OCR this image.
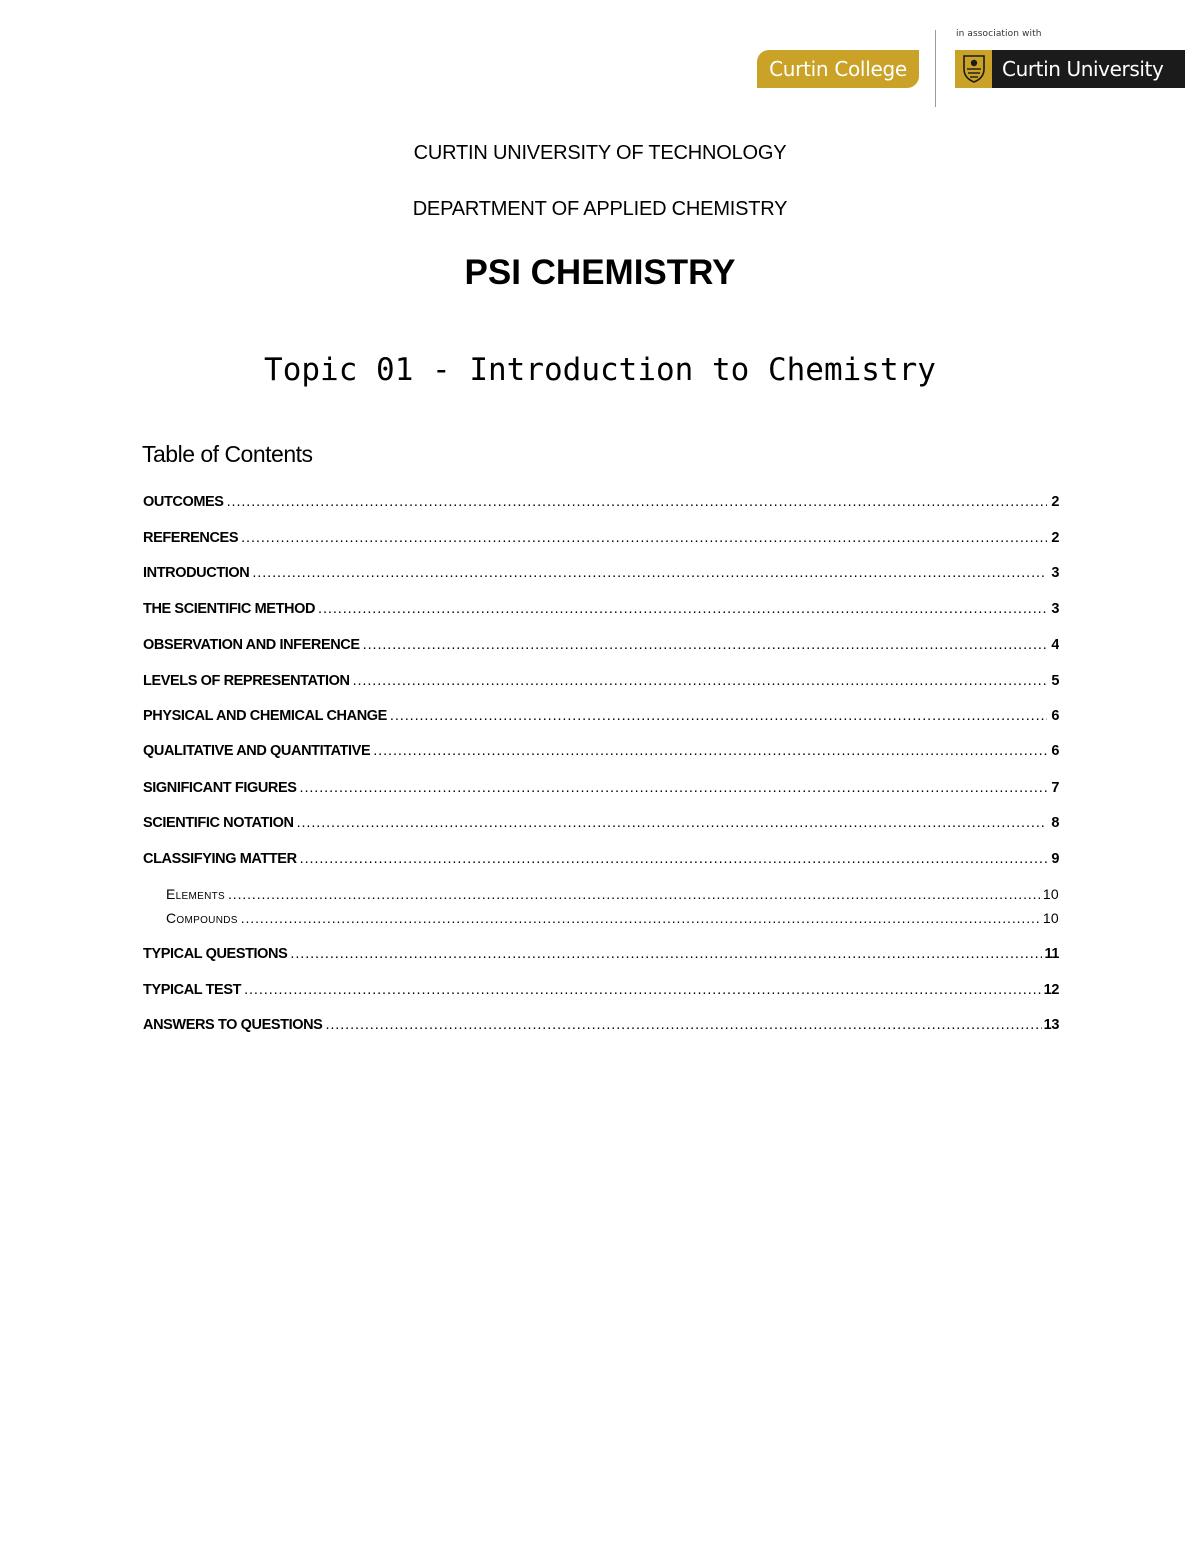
Curtin College
in association with
Curtin University
CURTIN UNIVERSITY OF TECHNOLOGY
DEPARTMENT OF APPLIED CHEMISTRY
PSI CHEMISTRY
Topic 01 - Introduction to Chemistry
Table of Contents
OUTCOMES .....	2
REFERENCES .....	2
INTRODUCTION .....	3
THE SCIENTIFIC METHOD .....	3
OBSERVATION AND INFERENCE .....	4
LEVELS OF REPRESENTATION .....	5
PHYSICAL AND CHEMICAL CHANGE .....	6
QUALITATIVE AND QUANTITATIVE .....	6
SIGNIFICANT FIGURES .....	7
SCIENTIFIC NOTATION .....	8
CLASSIFYING MATTER .....	9
Elements .....	10
Compounds .....	10
TYPICAL QUESTIONS .....	11
TYPICAL TEST .....	12
ANSWERS TO QUESTIONS .....	13
